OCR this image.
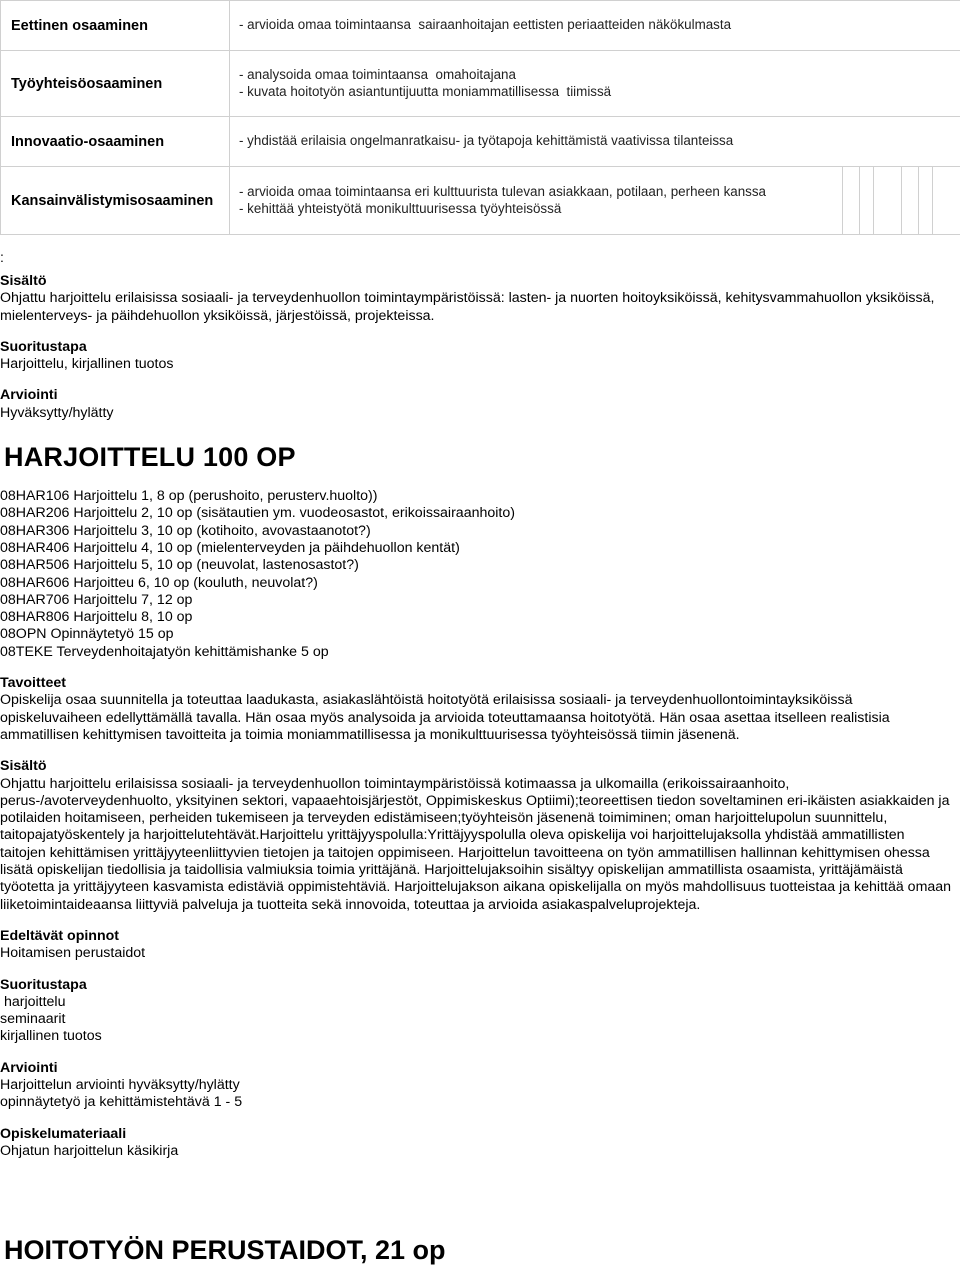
Eettinen osaaminen	- arvioida omaa toimintaansa  sairaanhoitajan eettisten periaatteiden näkökulmasta						

Työyhteisöosaaminen	- analysoida omaa toimintaansa  omahoitajana
- kuvata hoitotyön asiantuntijuutta moniammatillisessa  tiimissä						

Innovaatio-osaaminen	- yhdistää erilaisia ongelmanratkaisu- ja työtapoja kehittämistä vaativissa tilanteissa						

Kansainvälistymisosaaminen	- arvioida omaa toimintaansa eri kulttuurista tulevan asiakkaan, potilaan, perheen kanssa
- kehittää yhteistyötä monikulttuurisessa työyhteisössä						

:
Sisältö

Ohjattu harjoittelu erilaisissa sosiaali- ja terveydenhuollon toimintaympäristöissä: lasten- ja nuorten hoitoyksiköissä, kehitysvammahuollon yksiköissä, mielenterveys- ja päihdehuollon yksiköissä, järjestöissä, projekteissa.

Suoritustapa

Harjoittelu, kirjallinen tuotos

Arviointi

Hyväksytty/hylätty

HARJOITTELU 100 OP
08HAR106 Harjoittelu 1, 8 op (perushoito, perusterv.huolto))
08HAR206 Harjoittelu 2, 10 op (sisätautien ym. vuodeosastot, erikoissairaanhoito)
08HAR306 Harjoittelu 3, 10 op (kotihoito, avovastaanotot?)
08HAR406 Harjoittelu 4, 10 op (mielenterveyden ja päihdehuollon kentät)
08HAR506 Harjoittelu 5, 10 op (neuvolat, lastenosastot?)
08HAR606 Harjoitteu 6, 10 op (kouluth, neuvolat?)
08HAR706 Harjoittelu 7, 12 op
08HAR806 Harjoittelu 8, 10 op
08OPN Opinnäytetyö 15 op
08TEKE Terveydenhoitajatyön kehittämishanke 5 op
Tavoitteet

Opiskelija osaa suunnitella ja toteuttaa laadukasta, asiakaslähtöistä hoitotyötä erilaisissa sosiaali- ja terveydenhuollontoimintayksiköissä opiskeluvaiheen edellyttämällä tavalla. Hän osaa myös analysoida ja arvioida toteuttamaansa hoitotyötä. Hän osaa asettaa itselleen realistisia ammatillisen kehittymisen tavoitteita ja toimia moniammatillisessa ja monikulttuurisessa työyhteisössä tiimin jäsenenä.

Sisältö

Ohjattu harjoittelu erilaisissa sosiaali- ja terveydenhuollon toimintaympäristöissä kotimaassa ja ulkomailla (erikoissairaanhoito, perus-/avoterveydenhuolto, yksityinen sektori, vapaaehtoisjärjestöt, Oppimiskeskus Optiimi);teoreettisen tiedon soveltaminen eri-ikäisten asiakkaiden ja potilaiden hoitamiseen, perheiden tukemiseen ja terveyden edistämiseen;työyhteisön jäsenenä toimiminen; oman harjoittelupolun suunnittelu, taitopajatyöskentely ja harjoittelutehtävät.Harjoittelu yrittäjyyspolulla:Yrittäjyyspolulla oleva opiskelija voi harjoittelujaksolla yhdistää ammatillisten taitojen kehittämisen yrittäjyyteenliittyvien tietojen ja taitojen oppimiseen. Harjoittelun tavoitteena on työn ammatillisen hallinnan kehittymisen ohessa lisätä opiskelijan tiedollisia ja taidollisia valmiuksia toimia yrittäjänä. Harjoittelujaksoihin sisältyy opiskelijan ammatillista osaamista, yrittäjämäistä työotetta ja yrittäjyyteen kasvamista edistäviä oppimistehtäviä. Harjoittelujakson aikana opiskelijalla on myös mahdollisuus tuotteistaa ja kehittää omaan liiketoimintaideaansa liittyviä palveluja ja tuotteita sekä innovoida, toteuttaa ja arvioida asiakaspalveluprojekteja.

Edeltävät opinnot

Hoitamisen perustaidot

Suoritustapa
harjoittelu
seminaarit
kirjallinen tuotos
Arviointi
Harjoittelun arviointi hyväksytty/hylätty
opinnäytetyö ja kehittämistehtävä 1 - 5
Opiskelumateriaali

Ohjatun harjoittelun käsikirja

HOITOTYÖN PERUSTAIDOT, 21 op
